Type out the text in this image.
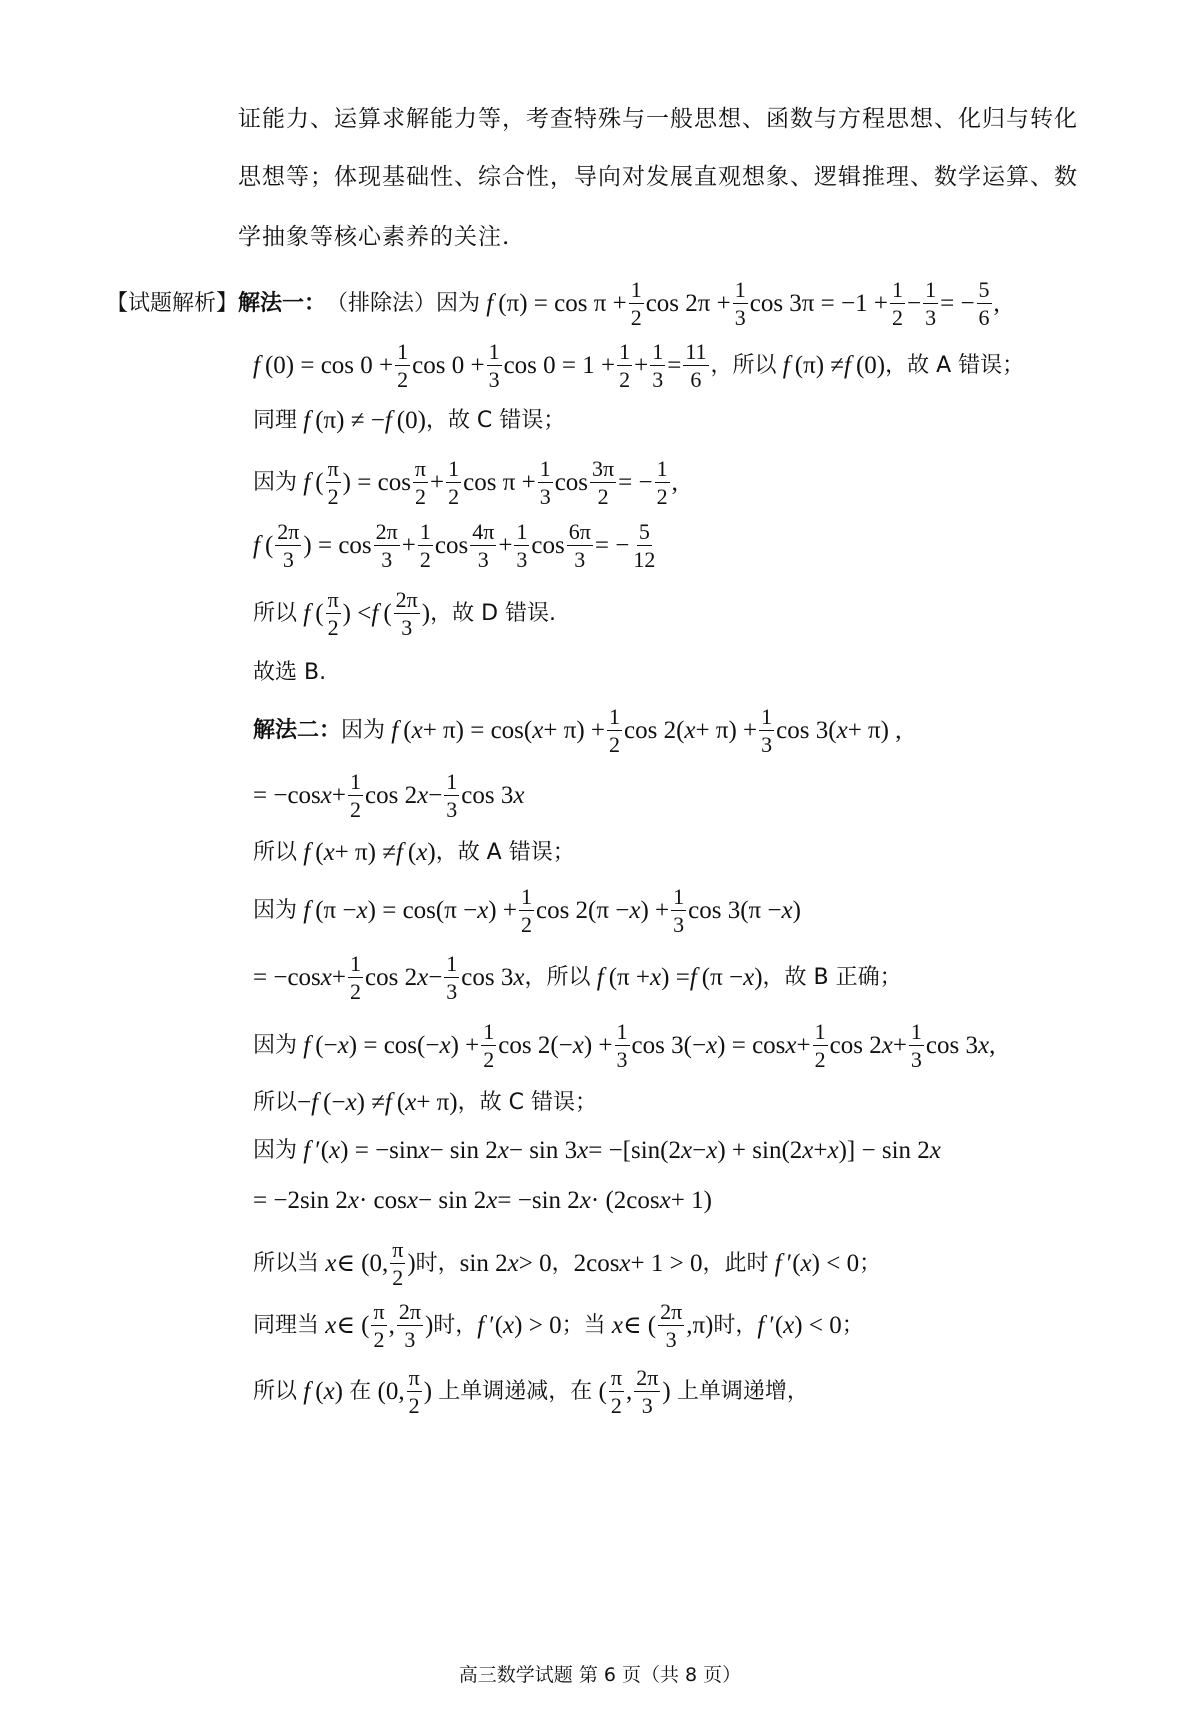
证能力、运算求解能力等，考查特殊与一般思想、函数与方程思想、化归与转化
思想等；体现基础性、综合性，导向对发展直观想象、逻辑推理、数学运算、数
学抽象等核心素养的关注.
【试题解析】 解法一： （排除法）因为
f  $(\pi) = \cos \pi + \frac{1}{2}$ $\cos 2\pi + \frac{1}{3}$ $\cos 3\pi = -1 + \frac{1}{2} - \frac{1}{3}$ = − $\frac{5}{6}$ ,
f  $(0) = \cos 0 + \frac{1}{2}$ $\cos 0 + \frac{1}{3}$ $\cos 0 = 1 + \frac{1}{2} + \frac{1}{3} = \frac{11}{6}$ ， 所以
f  (π) ≠ f  (0) ，故 A 错误；
同理
f  (π) ≠ − f  (0) ，故 C 错误；
因为
f  ( $\frac{\pi}{2}$ ) = $\cos \frac{\pi}{2} + \frac{1}{2}$ $\cos \pi + \frac{1}{3}$ $\cos \frac{3\pi}{2}$ = − $\frac{1}{2}$ ,
f  ( $\frac{2\pi}{3}$ ) = $\cos \frac{2\pi}{3} + \frac{1}{2}$ $\cos \frac{4\pi}{3} + \frac{1}{3}$ $\cos \frac{6\pi}{3}$ = − $\frac{5}{12}$
所以
f  ( $\frac{\pi}{2}$ ) < f  ( $\frac{2\pi}{3}$ ) ，故 D 错误.
故选 B.
解法二： 因为
f  ( x + π) = cos( $x + \pi) + \frac{1}{2}$ cos 2( $x + \pi) + \frac{1}{3}$ cos 3( x + π) ,
= −cos $x + \frac{1}{2}$ cos 2 $x - \frac{1}{3}$ cos 3 x
所以
f  ( x + π) ≠ f  ( x ) ，故 A 错误；
因为
f  (π − x ) = cos(π − x ) + $\frac{1}{2}$ cos 2(π − x ) + $\frac{1}{3}$ cos 3(π − x )
= −cos $x + \frac{1}{2}$ cos 2 $x - \frac{1}{3}$ cos 3 x ， 所以
f  (π + x ) = f  (π − x ) ，故 B 正确；
因为
f  (− x ) = cos(− x ) + $\frac{1}{2}$ cos 2(− x ) + $\frac{1}{3}$ cos 3(− x ) = $\cos x + \frac{1}{2}$ cos 2 $x + \frac{1}{3}$ cos 3 x ,
所以 − f  (− x ) ≠ f  ( x + π) ，故 C 错误；
因为
f  ′( x ) = −sin x − sin 2 x − sin 3 x = −[sin(2 x − x ) + sin(2 x + x )] − sin 2 x
= −2sin 2 x · cos x − sin 2 x = −sin 2 x · (2cos x + 1)
所以当
x ∈ (0, $\frac{\pi}{2}$ ) 时， sin 2 x > 0 ， 2cos x + 1 > 0 ， 此时
f  ′( x ) < 0 ；
同理当
x ∈ ( $\frac{\pi}{2}$ , $\frac{2\pi}{3}$ ) 时， f  ′( x ) > 0 ； 当
x ∈ ( $\frac{2\pi}{3} ,\pi$) 时， f  ′( x ) < 0 ；
所以
f  ( x ) 在 (0, $\frac{\pi}{2}$ ) 上单调递减，在 ( $\frac{\pi}{2}$ , $\frac{2\pi}{3}$ ) 上单调递增，
高三数学试题 第 6 页（共 8 页）
